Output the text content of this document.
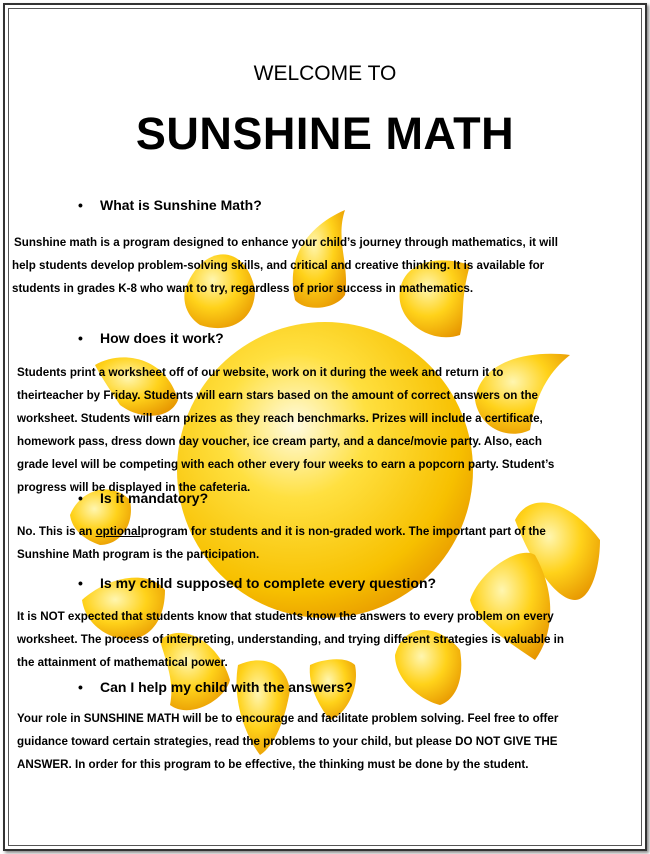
WELCOME TO
SUNSHINE MATH
• What is Sunshine Math?
Sunshine math is a program designed to enhance your child’s journey through mathematics, it will
help students develop problem-solving skills, and critical and creative thinking. It is available for
students in grades K-8 who want to try, regardless of prior success in mathematics.
• How does it work?
Students print a worksheet off of our website, work on it during the week and return it to
theirteacher by Friday. Students will earn stars based on the amount of correct answers on the
worksheet. Students will earn prizes as they reach benchmarks. Prizes will include a certificate,
homework pass, dress down day voucher, ice cream party, and a dance/movie party. Also, each
grade level will be competing with each other every four weeks to earn a popcorn party. Student’s
progress will be displayed in the cafeteria.
• Is it mandatory?
No. This is an optionalprogram for students and it is non-graded work. The important part of the
Sunshine Math program is the participation.
• Is my child supposed to complete every question?
It is NOT expected that students know that students know the answers to every problem on every
worksheet. The process of interpreting, understanding, and trying different strategies is valuable in
the attainment of mathematical power.
• Can I help my child with the answers?
Your role in SUNSHINE MATH will be to encourage and facilitate problem solving. Feel free to offer
guidance toward certain strategies, read the problems to your child, but please DO NOT GIVE THE
ANSWER. In order for this program to be effective, the thinking must be done by the student.
